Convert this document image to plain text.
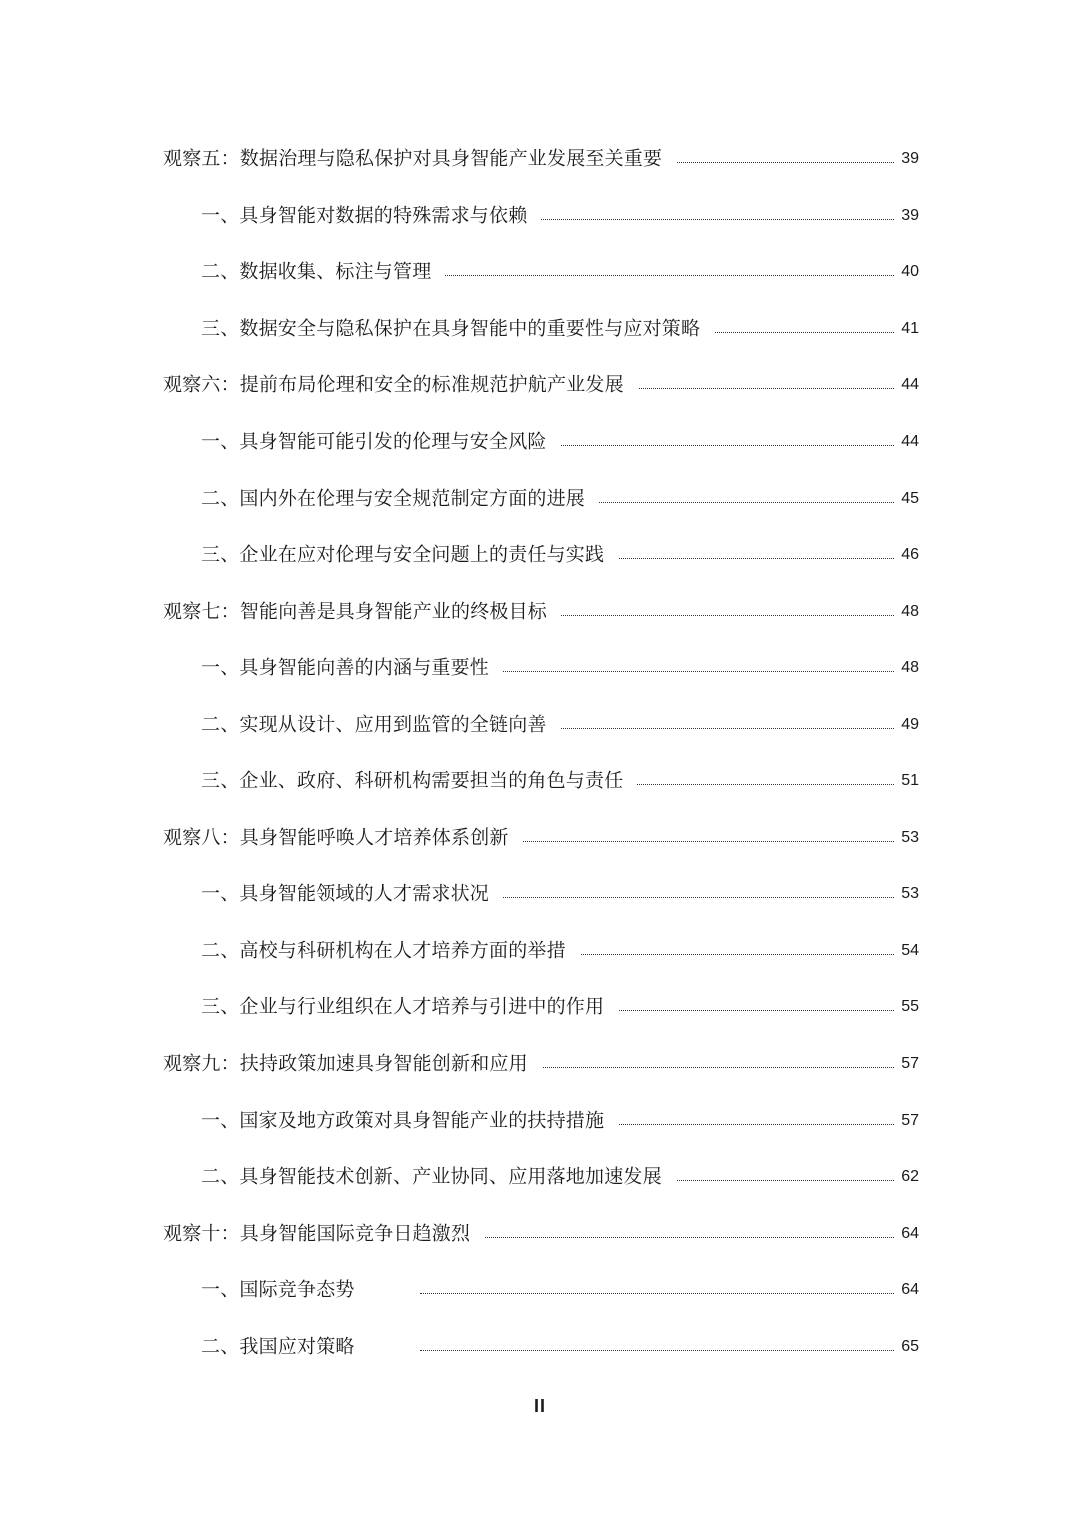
观察五：数据治理与隐私保护对具身智能产业发展至关重要	39
一、具身智能对数据的特殊需求与依赖	39
二、数据收集、标注与管理	40
三、数据安全与隐私保护在具身智能中的重要性与应对策略	41
观察六：提前布局伦理和安全的标准规范护航产业发展	44
一、具身智能可能引发的伦理与安全风险	44
二、国内外在伦理与安全规范制定方面的进展	45
三、企业在应对伦理与安全问题上的责任与实践	46
观察七：智能向善是具身智能产业的终极目标	48
一、具身智能向善的内涵与重要性	48
二、实现从设计、应用到监管的全链向善	49
三、企业、政府、科研机构需要担当的角色与责任	51
观察八：具身智能呼唤人才培养体系创新	53
一、具身智能领域的人才需求状况	53
二、高校与科研机构在人才培养方面的举措	54
三、企业与行业组织在人才培养与引进中的作用	55
观察九：扶持政策加速具身智能创新和应用	57
一、国家及地方政策对具身智能产业的扶持措施	57
二、具身智能技术创新、产业协同、应用落地加速发展	62
观察十：具身智能国际竞争日趋激烈	64
一、国际竞争态势	64
二、我国应对策略	65
II
